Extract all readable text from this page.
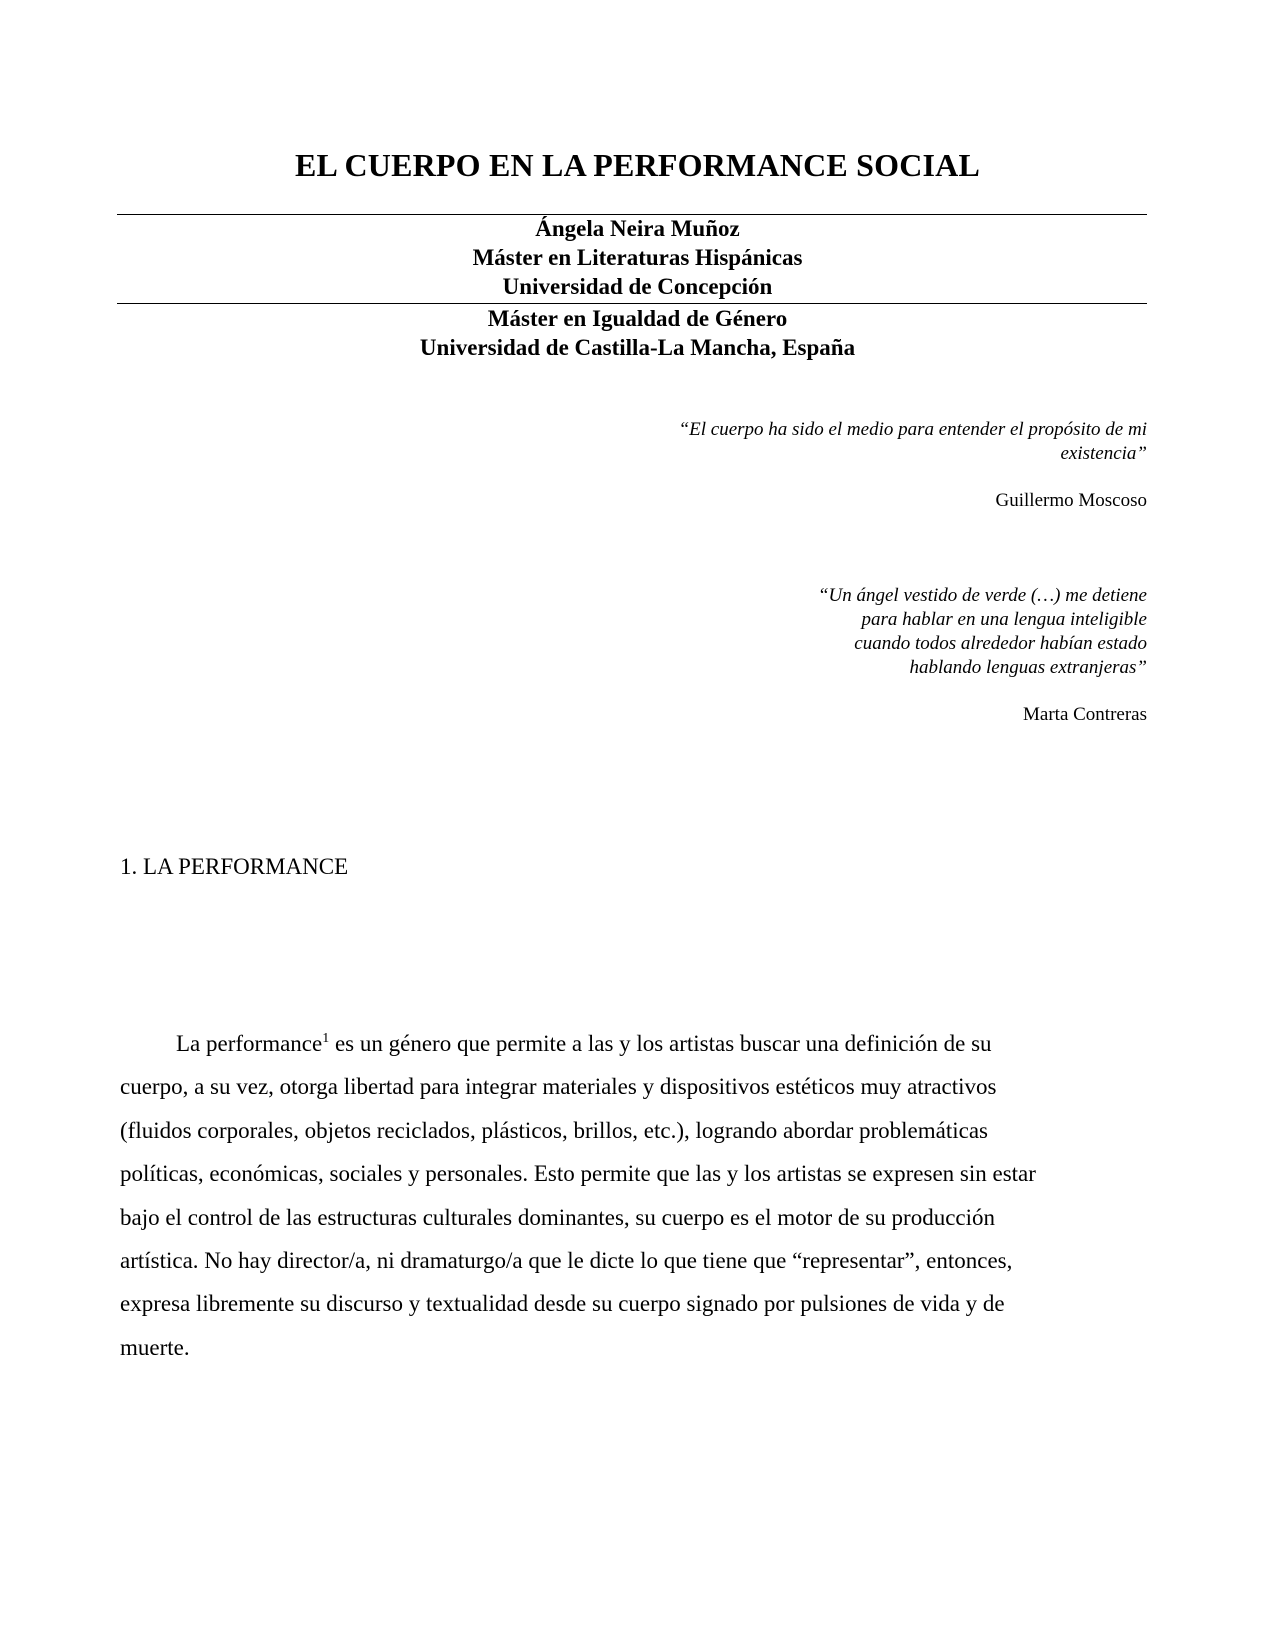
EL CUERPO EN LA PERFORMANCE SOCIAL
Ángela Neira Muñoz
Máster en Literaturas Hispánicas
Universidad de Concepción
Máster en Igualdad de Género
Universidad de Castilla-La Mancha, España
“El cuerpo ha sido el medio para entender el propósito de mi
existencia”
Guillermo Moscoso
“Un ángel vestido de verde (…) me detiene
para hablar en una lengua inteligible
cuando todos alrededor habían estado
hablando lenguas extranjeras”
Marta Contreras
1. LA PERFORMANCE
La performance$^1$ es un género que permite a las y los artistas buscar una definición de su
cuerpo, a su vez, otorga libertad para integrar materiales y dispositivos estéticos muy atractivos
(fluidos corporales, objetos reciclados, plásticos, brillos, etc.), logrando abordar problemáticas
políticas, económicas, sociales y personales. Esto permite que las y los artistas se expresen sin estar
bajo el control de las estructuras culturales dominantes, su cuerpo es el motor de su producción
artística. No hay director/a, ni dramaturgo/a que le dicte lo que tiene que “representar”, entonces,
expresa libremente su discurso y textualidad desde su cuerpo signado por pulsiones de vida y de
muerte.
